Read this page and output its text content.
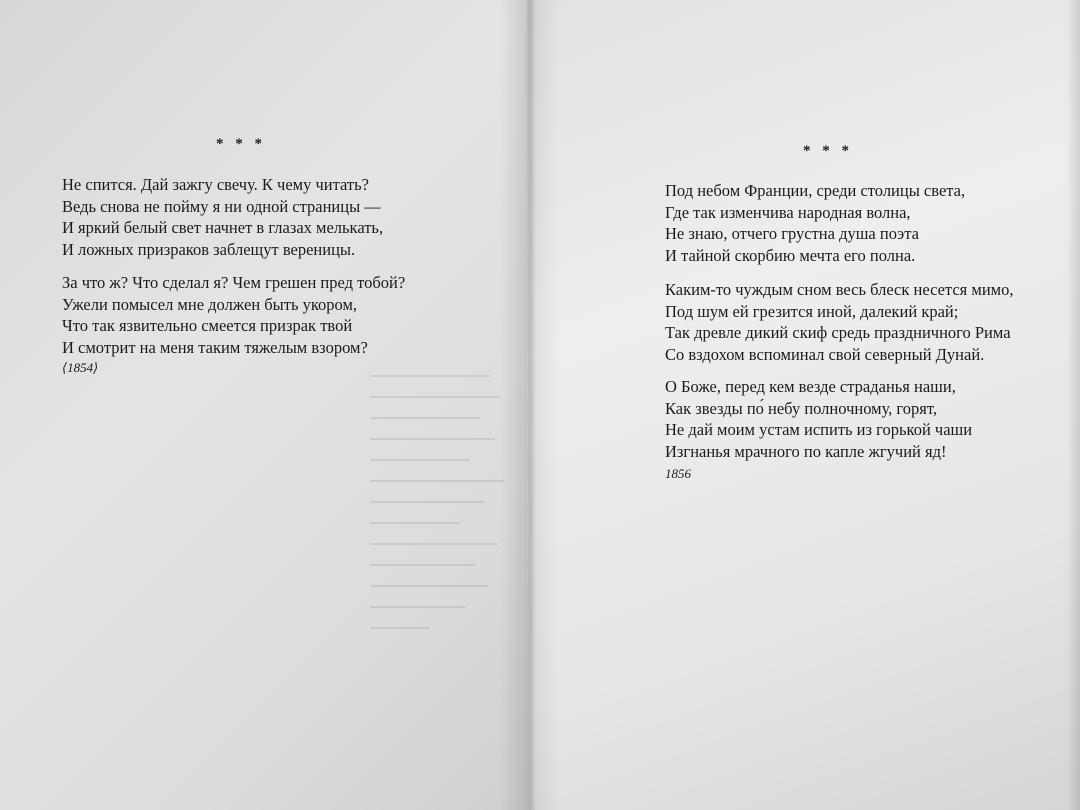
* * *
Не спится. Дай зажгу свечу. К чему читать?
Ведь снова не пойму я ни одной страницы —
И яркий белый свет начнет в глазах мелькать,
И ложных призраков заблещут вереницы.
За что ж? Что сделал я? Чем грешен пред тобой?
Ужели помысел мне должен быть укором,
Что так язвительно смеется призрак твой
И смотрит на меня таким тяжелым взором?
⟨1854⟩
* * *
Под небом Франции, среди столицы света,
Где так изменчива народная волна,
Не знаю, отчего грустна душа поэта
И тайной скорбию мечта его полна.
Каким-то чуждым сном весь блеск несется мимо,
Под шум ей грезится иной, далекий край;
Так древле дикий скиф средь праздничного Рима
Со вздохом вспоминал свой северный Дунай.
О Боже, перед кем везде страданья наши,
Как звезды по́ небу полночному, горят,
Не дай моим устам испить из горькой чаши
Изгнанья мрачного по капле жгучий яд!
1856
